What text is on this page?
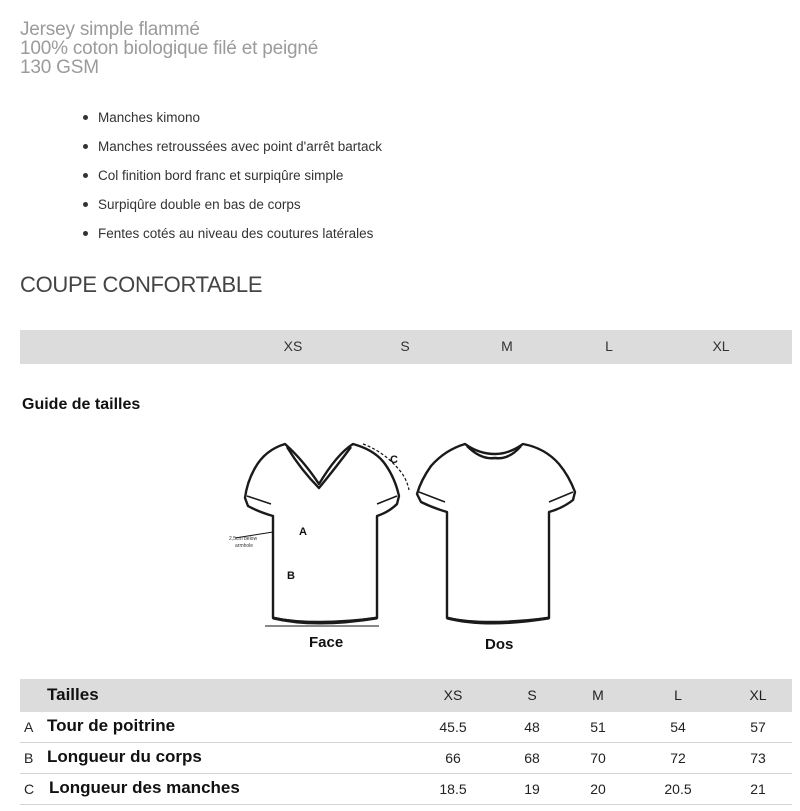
Jersey simple flammé
100% coton biologique filé et peigné
130 GSM
Manches kimono
Manches retroussées avec point d'arrêt bartack
Col finition bord franc et surpiqûre simple
Surpiqûre double en bas de corps
Fentes cotés au niveau des coutures latérales
COUPE CONFORTABLE
XS	S	M	L	XL
Guide de tailles
2,5cm below
armhole
A
B
C
Face	Dos
Tailles	XS	S	M	L	XL
A Tour de poitrine	45.5	48	51	54	57
B Longueur du corps	66	68	70	72	73
C Longueur des manches	18.5	19	20	20.5	21
